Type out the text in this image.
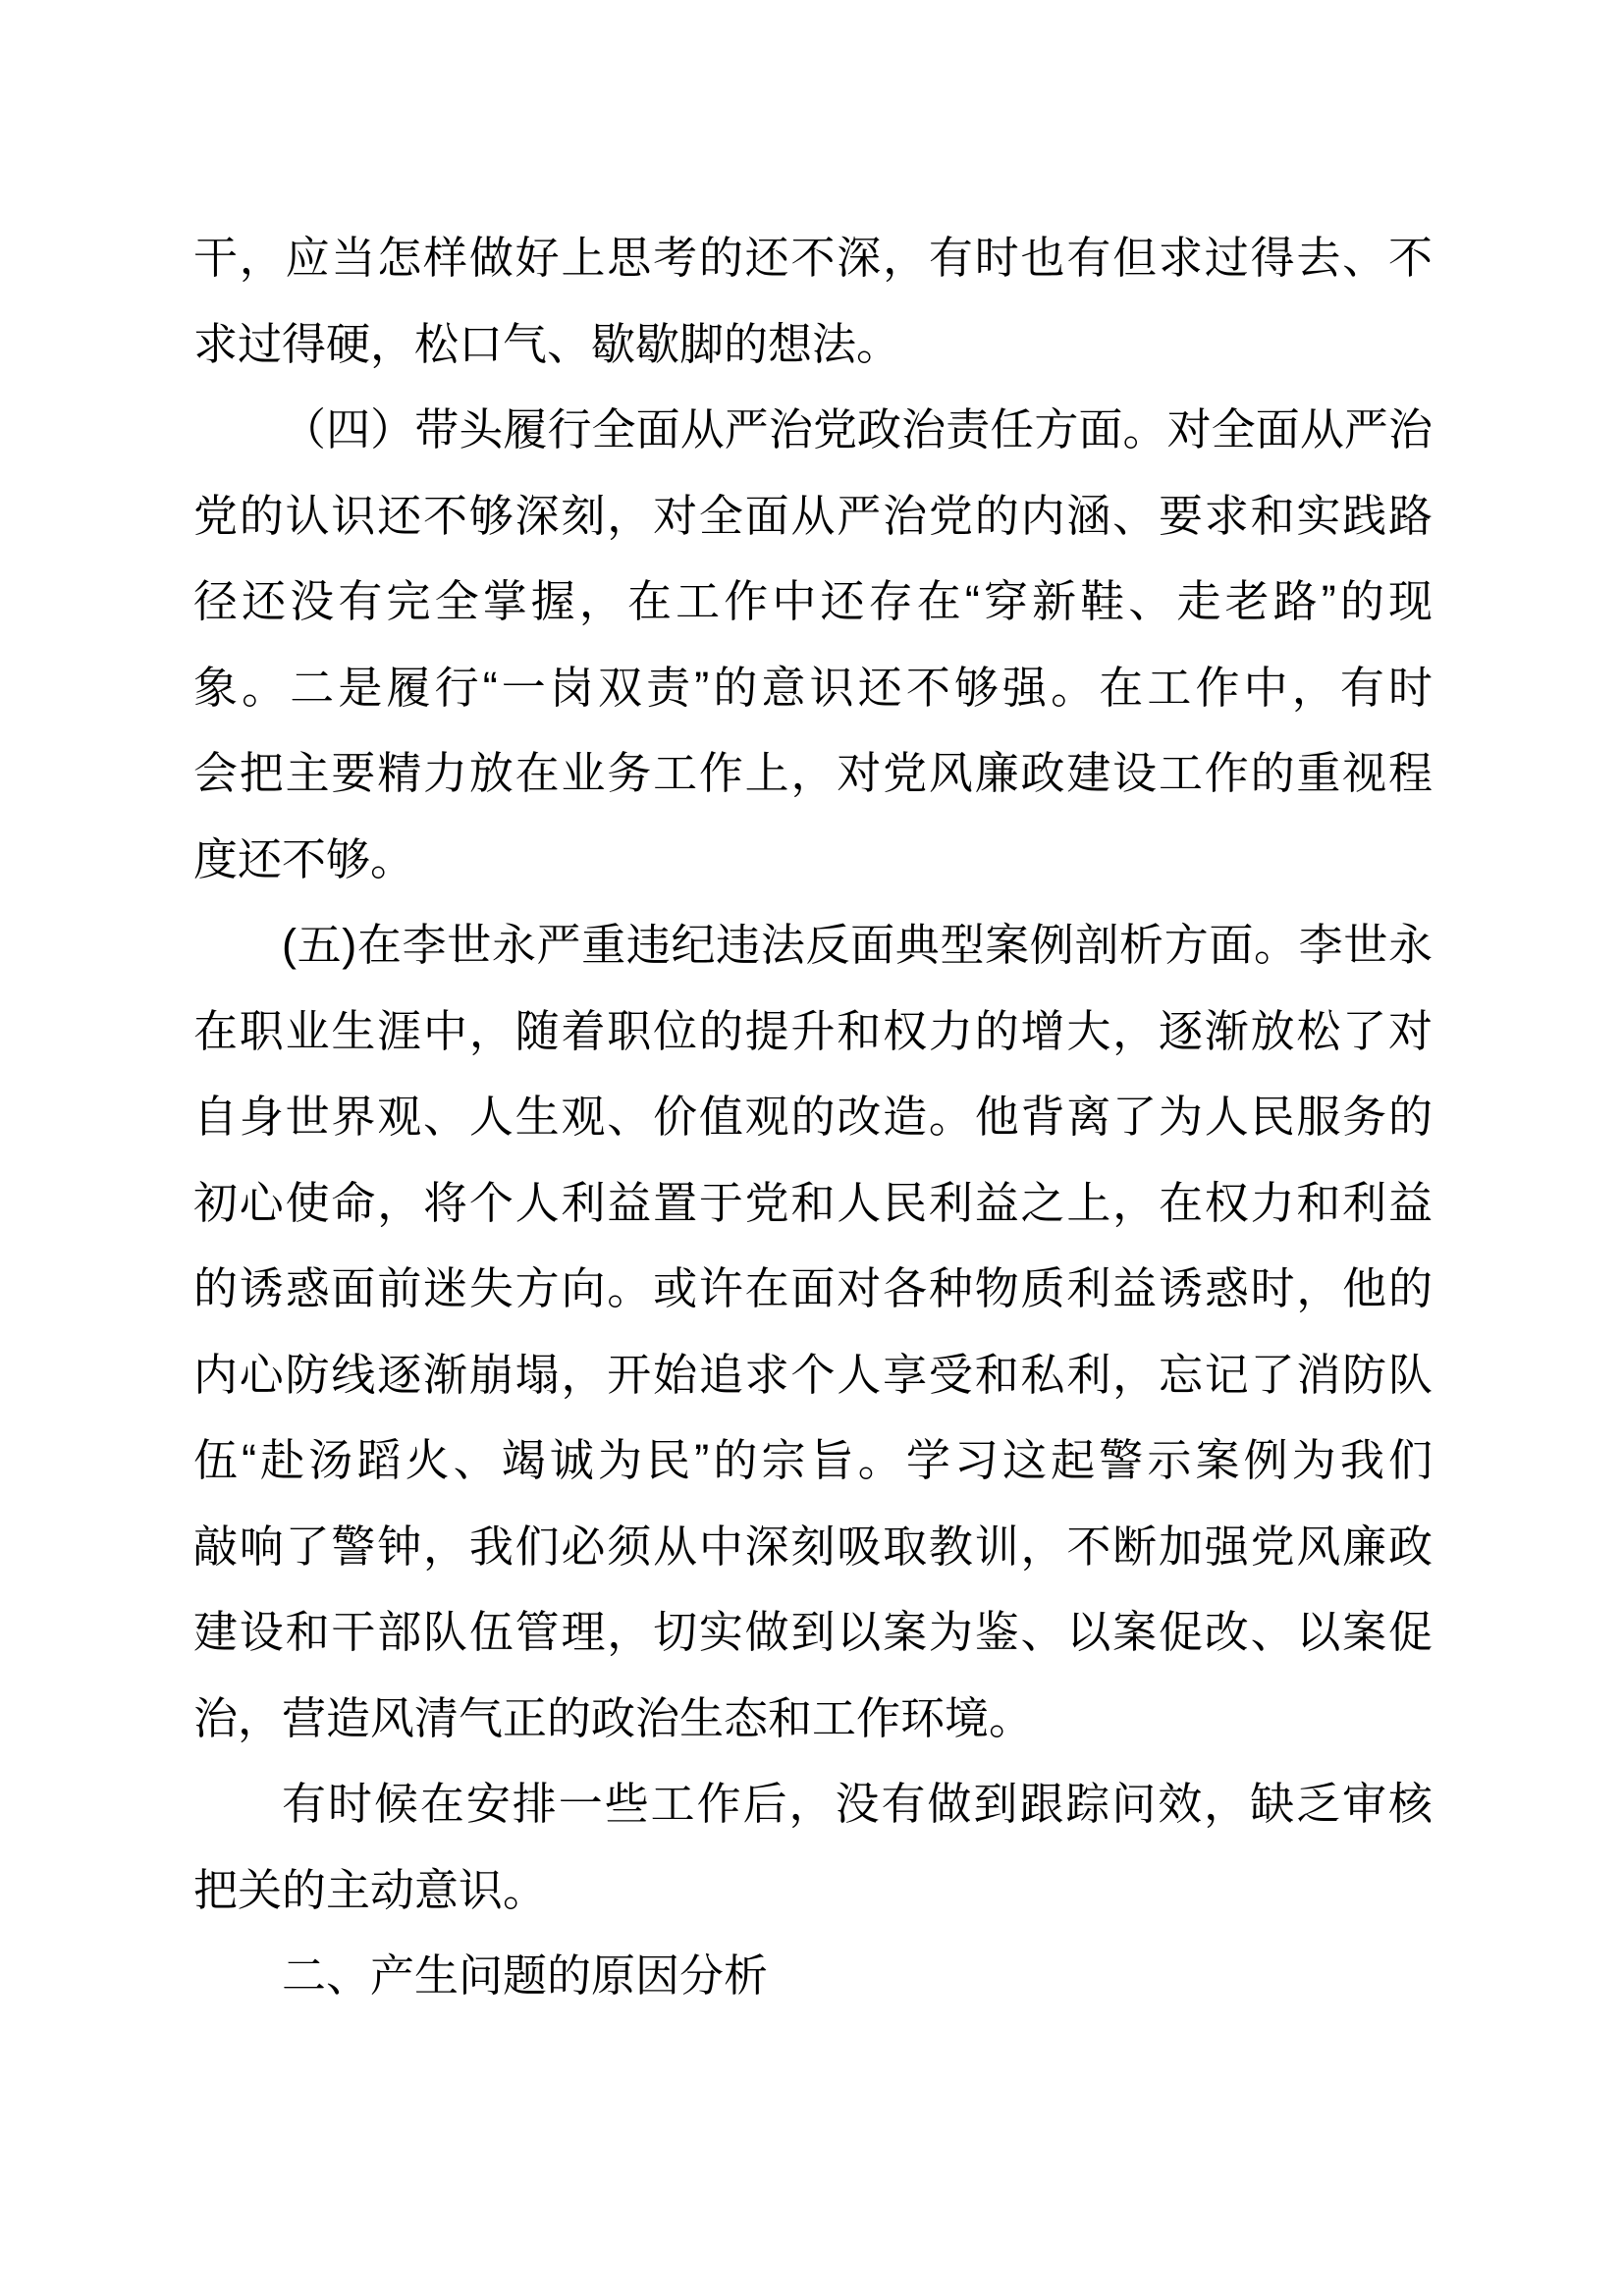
干，应当怎样做好上思考的还不深，有时也有但求过得去、不
求过得硬，松口气、歇歇脚的想法。
（四）带头履行全面从严治党政治责任方面。对全面从严治
党的认识还不够深刻，对全面从严治党的内涵、要求和实践路
径还没有完全掌握，在工作中还存在“穿新鞋、走老路”的现
象。二是履行“一岗双责”的意识还不够强。在工作中，有时
会把主要精力放在业务工作上，对党风廉政建设工作的重视程
度还不够。
(五)在李世永严重违纪违法反面典型案例剖析方面。李世永
在职业生涯中，随着职位的提升和权力的增大，逐渐放松了对
自身世界观、人生观、价值观的改造。他背离了为人民服务的
初心使命，将个人利益置于党和人民利益之上，在权力和利益
的诱惑面前迷失方向。或许在面对各种物质利益诱惑时，他的
内心防线逐渐崩塌，开始追求个人享受和私利，忘记了消防队
伍“赴汤蹈火、竭诚为民”的宗旨。学习这起警示案例为我们
敲响了警钟，我们必须从中深刻吸取教训，不断加强党风廉政
建设和干部队伍管理，切实做到以案为鉴、以案促改、以案促
治，营造风清气正的政治生态和工作环境。
有时候在安排一些工作后，没有做到跟踪问效，缺乏审核
把关的主动意识。
二、产生问题的原因分析
